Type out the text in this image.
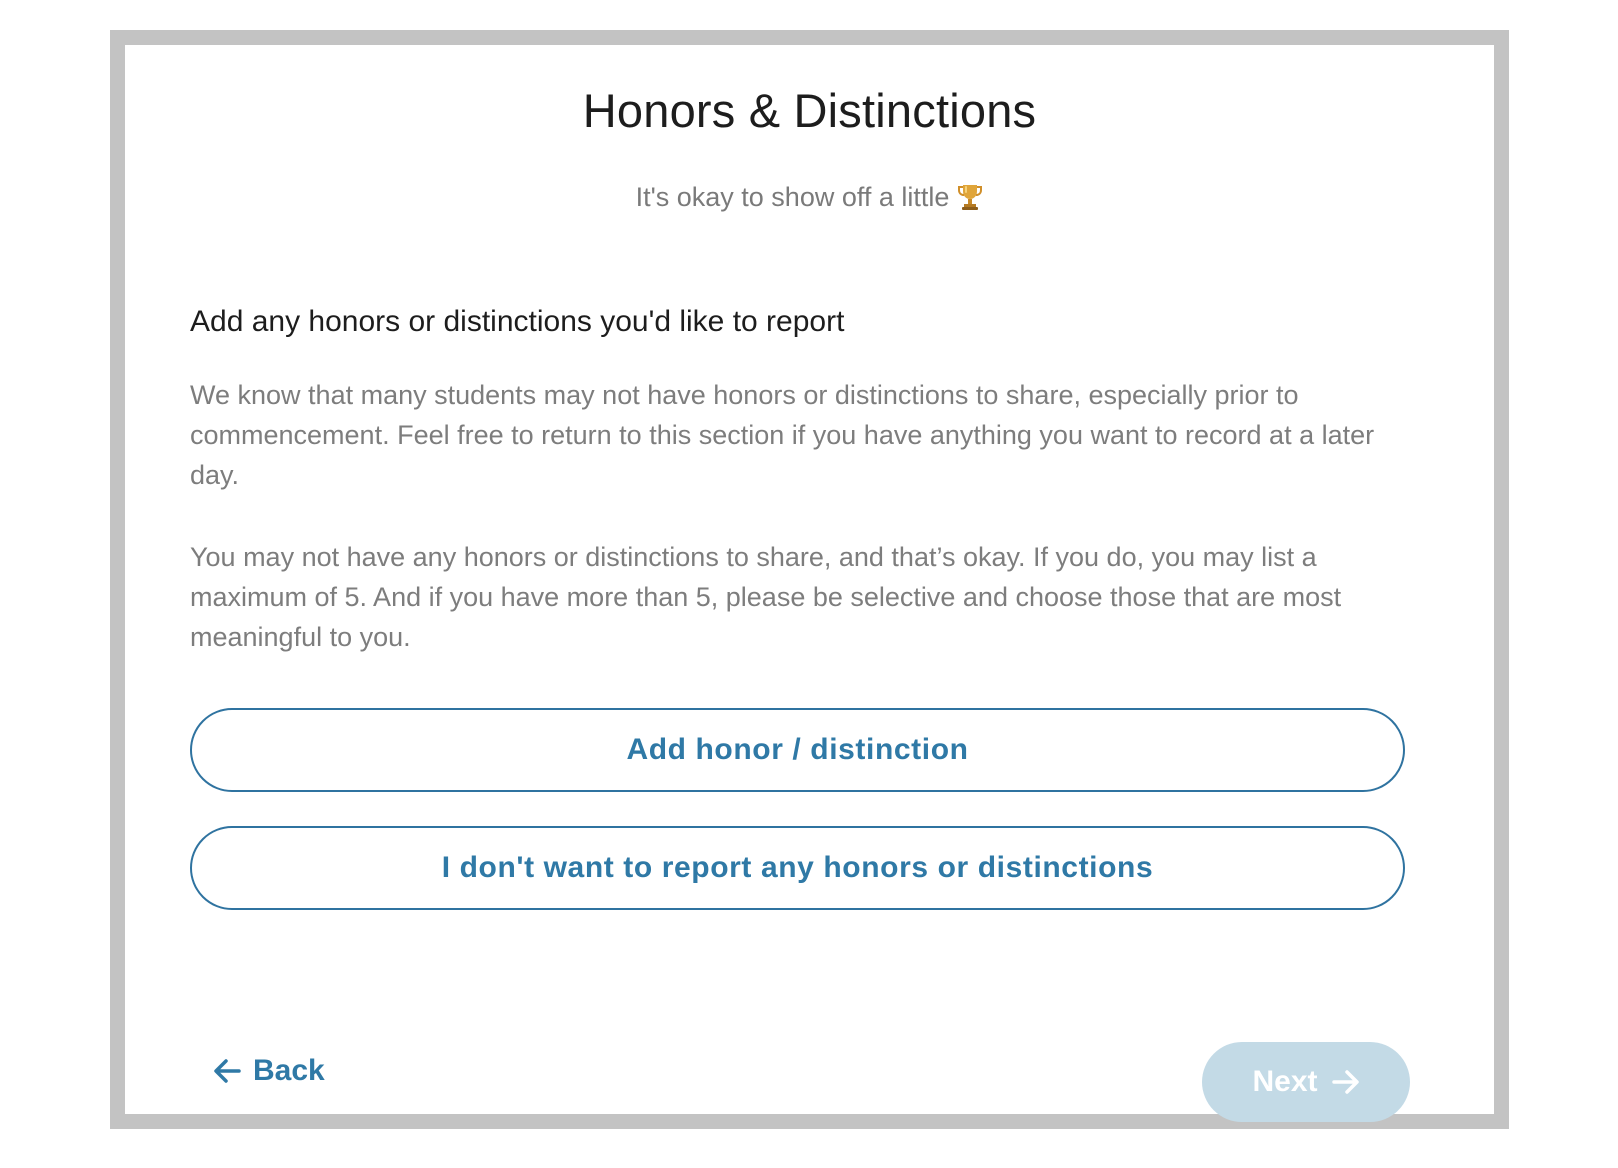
Honors & Distinctions
It's okay to show off a little
Add any honors or distinctions you'd like to report

We know that many students may not have honors or distinctions to share, especially prior to commencement. Feel free to return to this section if you have anything you want to record at a later day.

You may not have any honors or distinctions to share, and that’s okay. If you do, you may list a maximum of 5. And if you have more than 5, please be selective and choose those that are most meaningful to you.

Add honor / distinction
I don't want to report any honors or distinctions
Back	Next
